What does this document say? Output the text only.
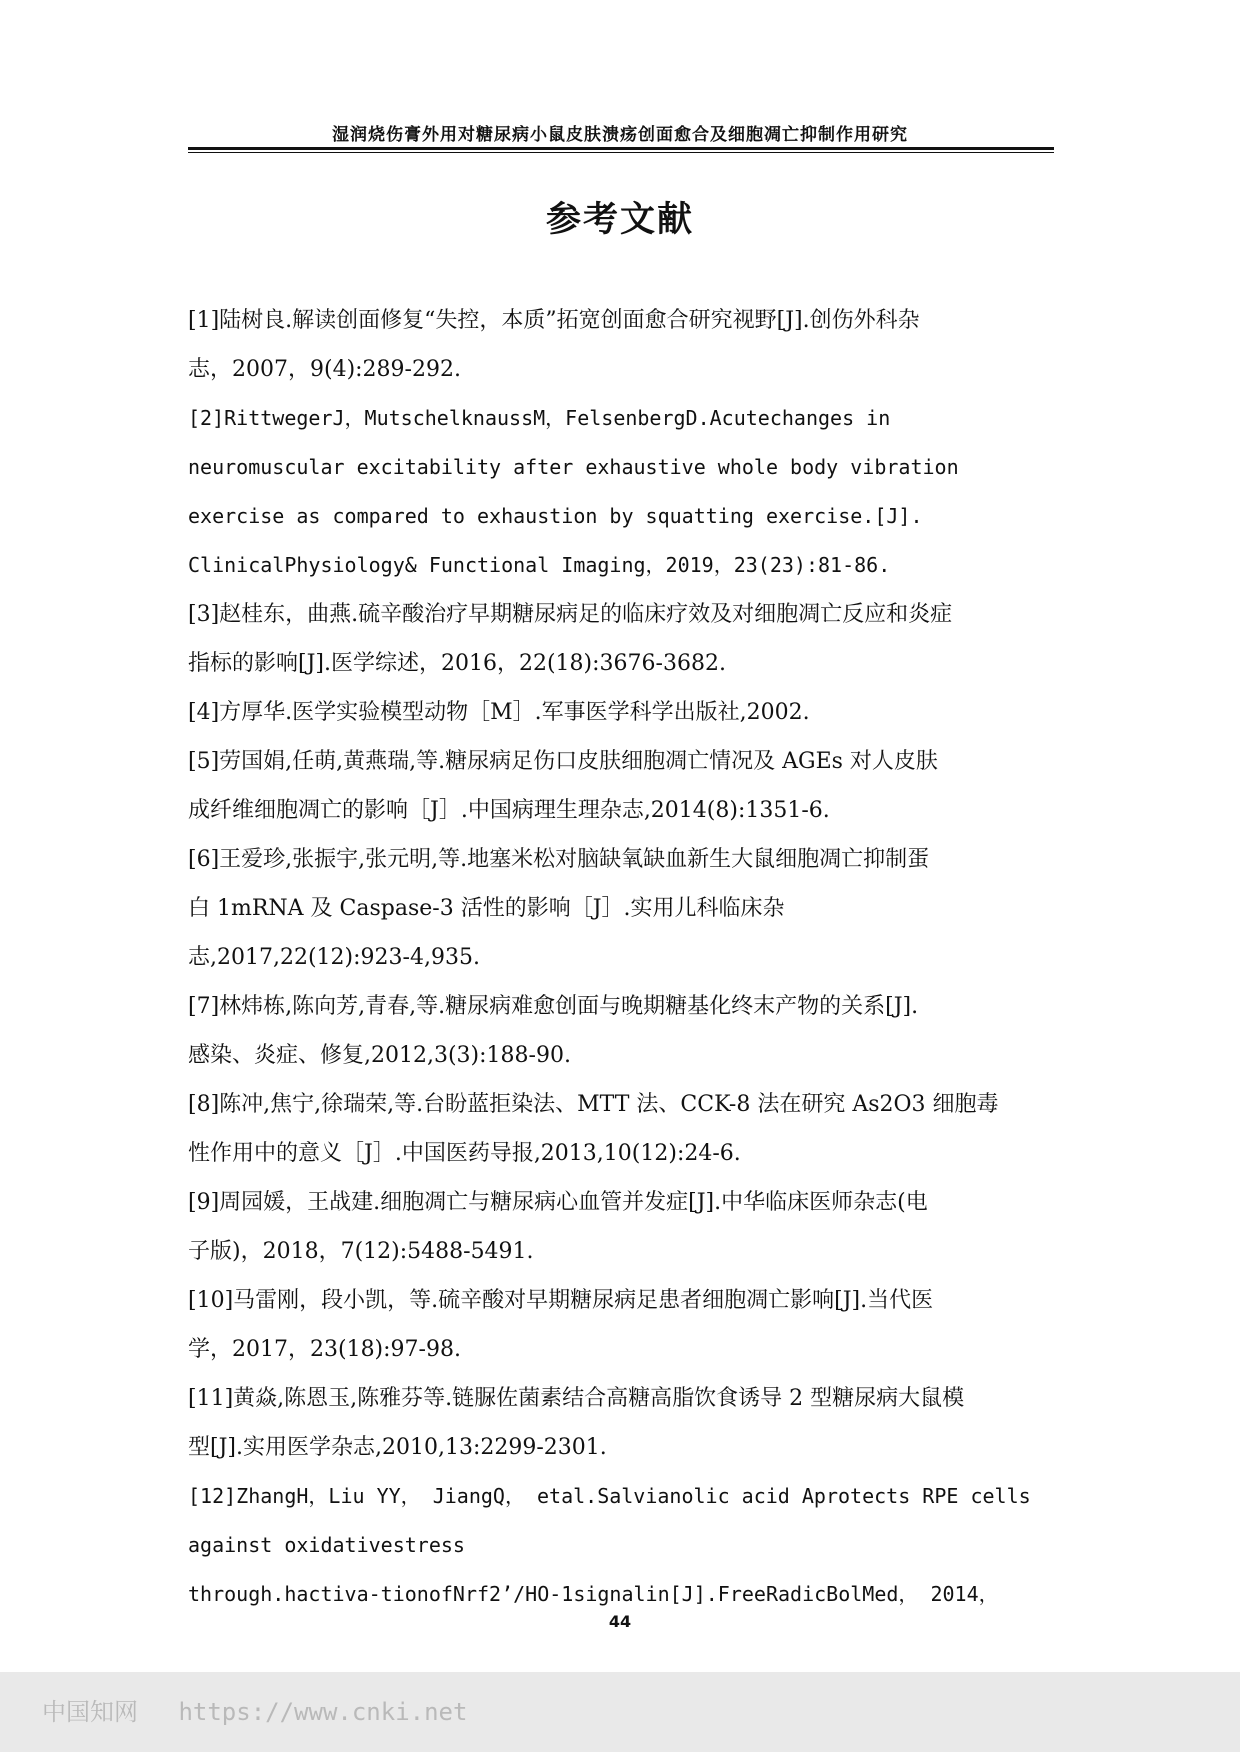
湿润烧伤膏外用对糖尿病小鼠皮肤溃疡创面愈合及细胞凋亡抑制作用研究
参考文献
[1]陆树良.解读创面修复“失控，本质”拓宽创面愈合研究视野[J].创伤外科杂
志，2007，9(4):289-292.
[2]RittwegerJ，MutschelknaussM，FelsenbergD.Acutechanges in
neuromuscular excitability after exhaustive whole body vibration
exercise as compared to exhaustion by squatting exercise.[J].
ClinicalPhysiology& Functional Imaging，2019，23(23):81-86.
[3]赵桂东，曲燕.硫辛酸治疗早期糖尿病足的临床疗效及对细胞凋亡反应和炎症
指标的影响[J].医学综述，2016，22(18):3676-3682.
[4]方厚华.医学实验模型动物［M］.军事医学科学出版社,2002.
[5]劳国娟,任萌,黄燕瑞,等.糖尿病足伤口皮肤细胞凋亡情况及 AGEs 对人皮肤
成纤维细胞凋亡的影响［J］.中国病理生理杂志,2014(8):1351-6.
[6]王爱珍,张振宇,张元明,等.地塞米松对脑缺氧缺血新生大鼠细胞凋亡抑制蛋
白 1mRNA 及 Caspase-3 活性的影响［J］.实用儿科临床杂
志,2017,22(12):923-4,935.
[7]林炜栋,陈向芳,青春,等.糖尿病难愈创面与晚期糖基化终末产物的关系[J].
感染、炎症、修复,2012,3(3):188-90.
[8]陈冲,焦宁,徐瑞荣,等.台盼蓝拒染法、MTT 法、CCK-8 法在研究 As2O3 细胞毒
性作用中的意义［J］.中国医药导报,2013,10(12):24-6.
[9]周园媛，王战建.细胞凋亡与糖尿病心血管并发症[J].中华临床医师杂志(电
子版)，2018，7(12):5488-5491.
[10]马雷刚，段小凯，等.硫辛酸对早期糖尿病足患者细胞凋亡影响[J].当代医
学，2017，23(18):97-98.
[11]黄焱,陈恩玉,陈雅芬等.链脲佐菌素结合高糖高脂饮食诱导 2 型糖尿病大鼠模
型[J].实用医学杂志,2010,13:2299-2301.
[12]ZhangH，Liu YY， JiangQ， etal.Salvianolic acid Aprotects RPE cells
against oxidativestress
through.hactiva-tionofNrf2’/HO-1signalin[J].FreeRadicBolMed， 2014，
44
中国知网 https://www.cnki.net
